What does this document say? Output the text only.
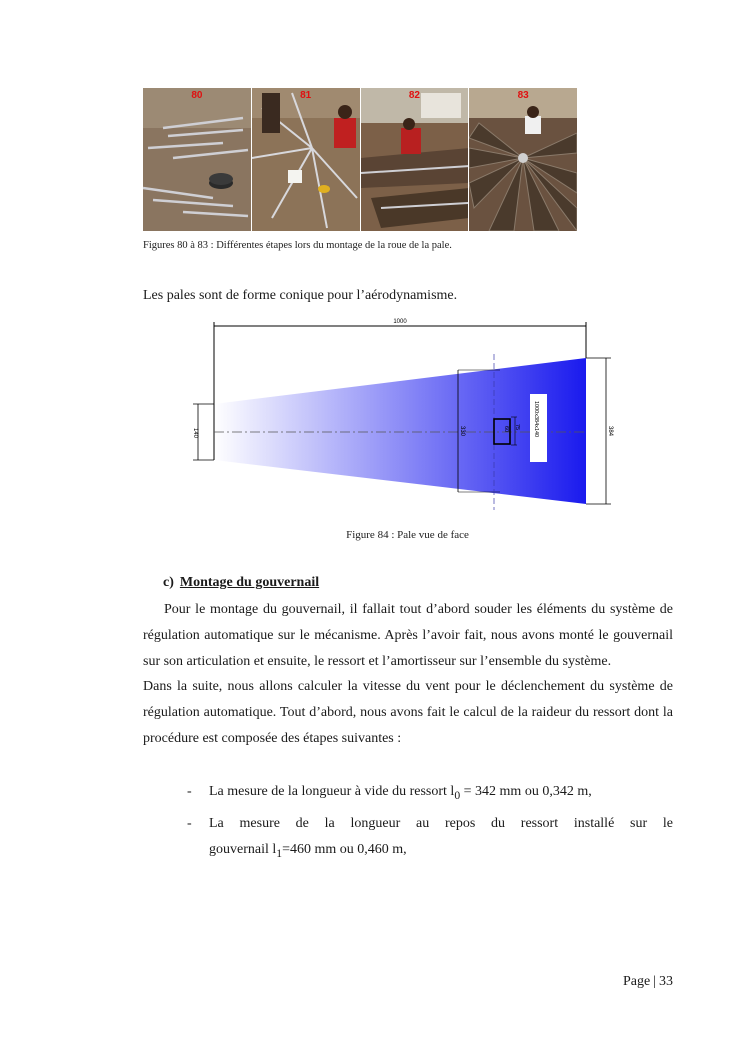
80	81	82	83
Figures 80 à 83 : Différentes étapes lors du montage de la roue de la pale.
Les pales sont de forme conique pour l’aérodynamisme.
1000
140	330	75
60	1000x384x140	384
Figure 84 : Pale vue de face
c) Montage du gouvernail

Pour le montage du gouvernail, il fallait tout d’abord souder les éléments du système de régulation automatique sur le mécanisme. Après l’avoir fait, nous avons monté le gouvernail sur son articulation et ensuite, le ressort et l’amortisseur sur l’ensemble du système.

Dans la suite, nous allons calculer la vitesse du vent pour le déclenchement du système de régulation automatique. Tout d’abord, nous avons fait le calcul de la raideur du ressort dont la procédure est composée des étapes suivantes :

- La mesure de la longueur à vide du ressort $l_0 = 342$ mm ou 0,342 m,
- La mesure de la longueur au repos du ressort installé sur le
gouvernail $l_1=460$ mm ou 0,460 m,
Page | 33
